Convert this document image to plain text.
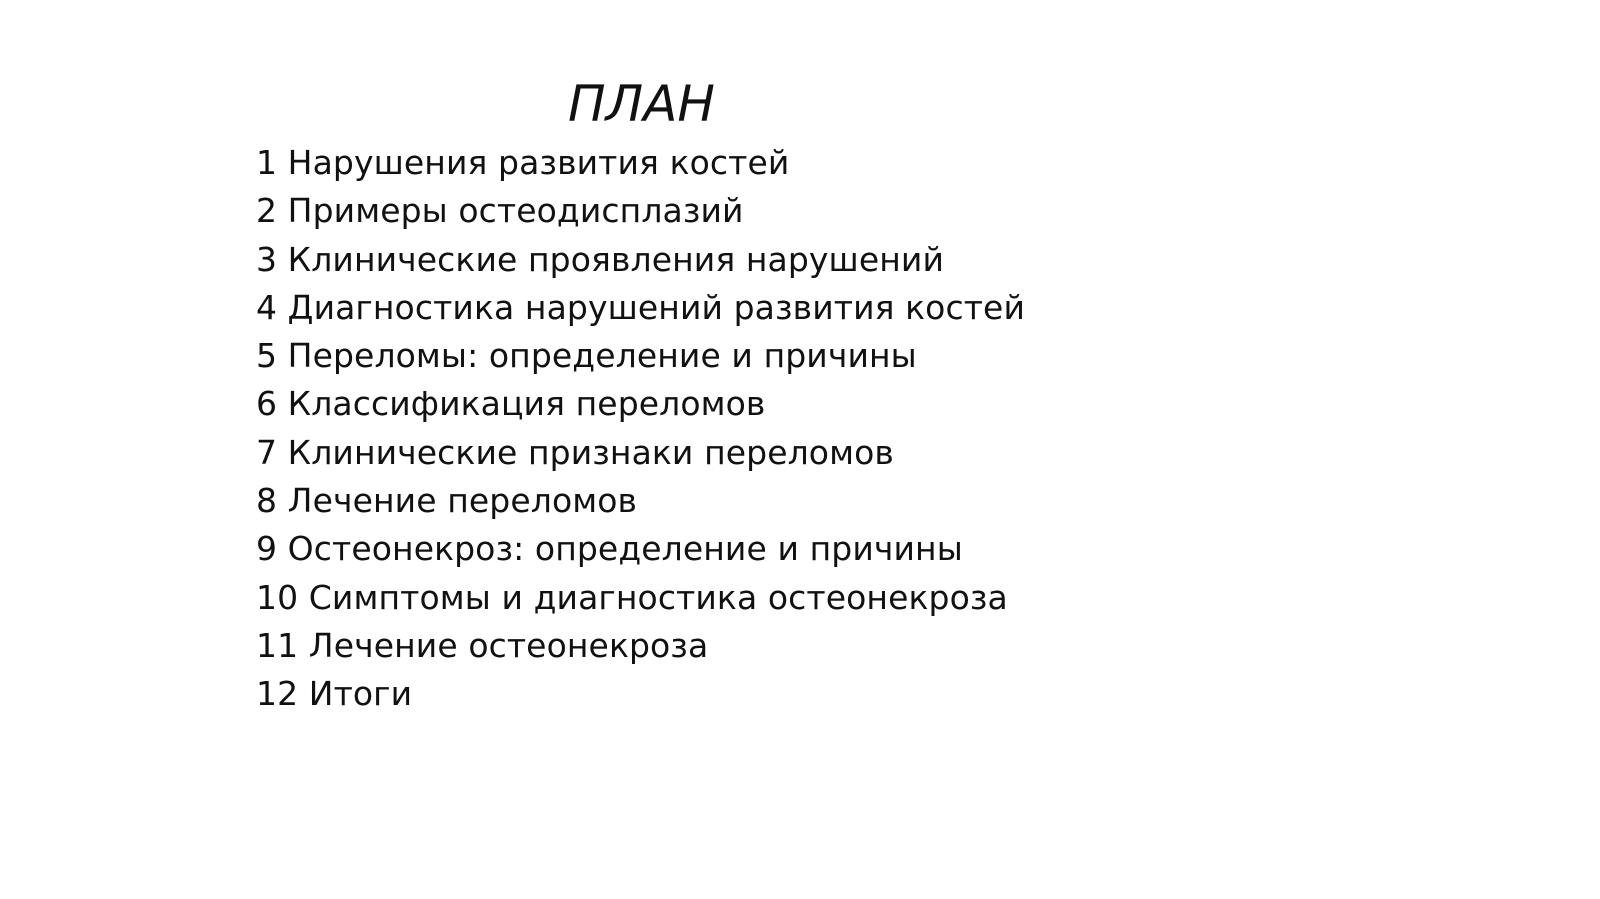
ПЛАН
1 Нарушения развития костей
2 Примеры остеодисплазий
3 Клинические проявления нарушений
4 Диагностика нарушений развития костей
5 Переломы: определение и причины
6 Классификация переломов
7 Клинические признаки переломов
8 Лечение переломов
9 Остеонекроз: определение и причины
10 Симптомы и диагностика остеонекроза
11 Лечение остеонекроза
12 Итоги
